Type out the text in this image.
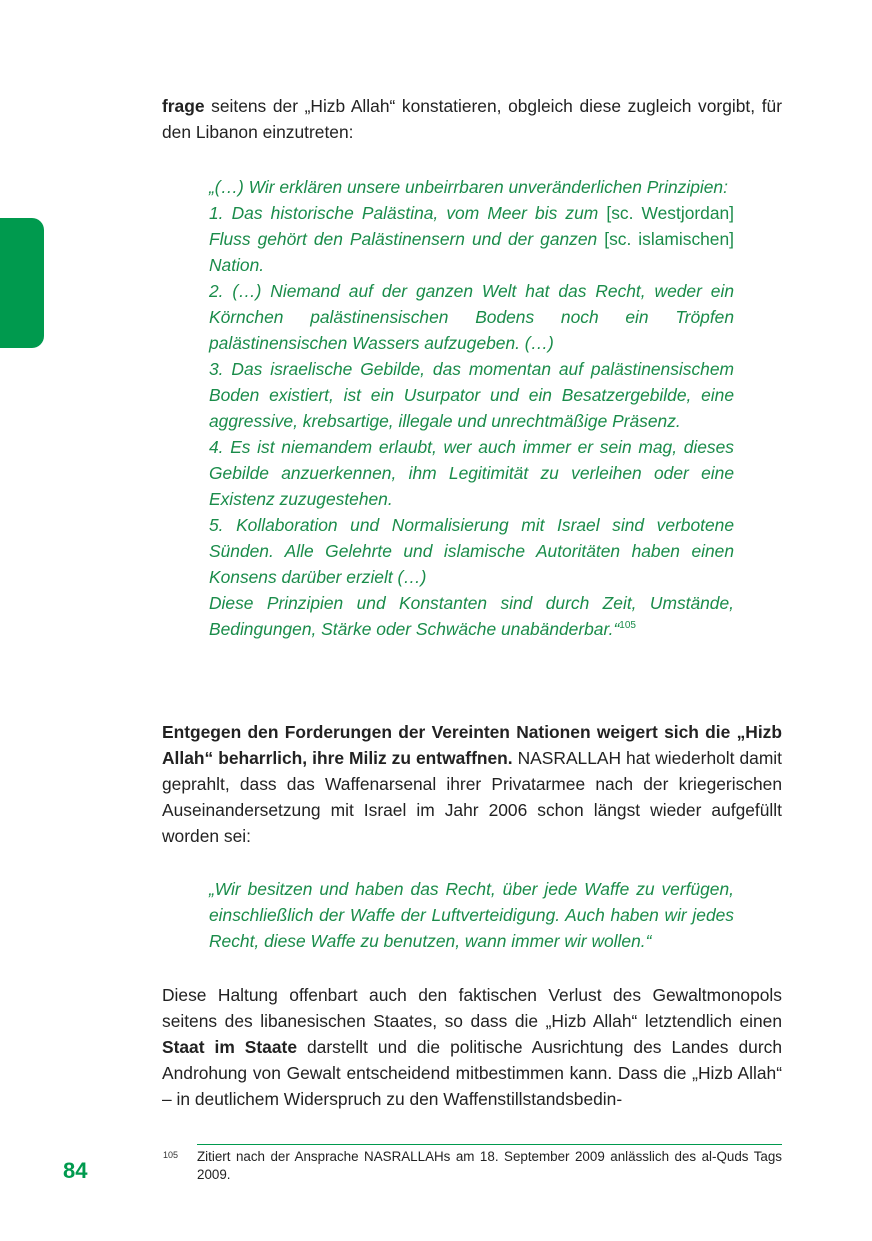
frage seitens der „Hizb Allah“ konstatieren, obgleich diese zugleich vorgibt, für den Libanon einzutreten:

„(…) Wir erklären unsere unbeirrbaren unveränderlichen Prinzipien:
1. Das historische Palästina, vom Meer bis zum [sc. Westjordan] Fluss gehört den Palästinensern und der ganzen [sc. islamischen] Nation.
2. (…) Niemand auf der ganzen Welt hat das Recht, weder ein Körnchen palästinensischen Bodens noch ein Tröpfen palästinensischen Wassers aufzugeben. (…)
3. Das israelische Gebilde, das momentan auf palästinensischem Boden existiert, ist ein Usurpator und ein Besatzergebilde, eine aggressive, krebsartige, illegale und unrechtmäßige Präsenz.
4. Es ist niemandem erlaubt, wer auch immer er sein mag, dieses Gebilde anzuerkennen, ihm Legitimität zu verleihen oder eine Existenz zuzugestehen.
5. Kollaboration und Normalisierung mit Israel sind verbotene Sünden. Alle Gelehrte und islamische Autoritäten haben einen Konsens darüber erzielt (…)
Diese Prinzipien und Konstanten sind durch Zeit, Umstände, Bedingungen, Stärke oder Schwäche unabänderbar.“$^{105}$

Entgegen den Forderungen der Vereinten Nationen weigert sich die „Hizb Allah“ beharrlich, ihre Miliz zu entwaffnen. NASRALLAH hat wiederholt damit geprahlt, dass das Waffenarsenal ihrer Privatarmee nach der kriegerischen Auseinandersetzung mit Israel im Jahr 2006 schon längst wieder aufgefüllt worden sei:

„Wir besitzen und haben das Recht, über jede Waffe zu verfügen, einschließlich der Waffe der Luftverteidigung. Auch haben wir jedes Recht, diese Waffe zu benutzen, wann immer wir wollen.“

Diese Haltung offenbart auch den faktischen Verlust des Gewaltmonopols seitens des libanesischen Staates, so dass die „Hizb Allah“ letztendlich einen Staat im Staate darstellt und die politische Ausrichtung des Landes durch Androhung von Gewalt entscheidend mitbestimmen kann. Dass die „Hizb Allah“ – in deutlichem Widerspruch zu den Waffenstillstandsbedin-

105 Zitiert nach der Ansprache NASRALLAHs am 18. September 2009 anlässlich des al-Quds Tags 2009.

84
